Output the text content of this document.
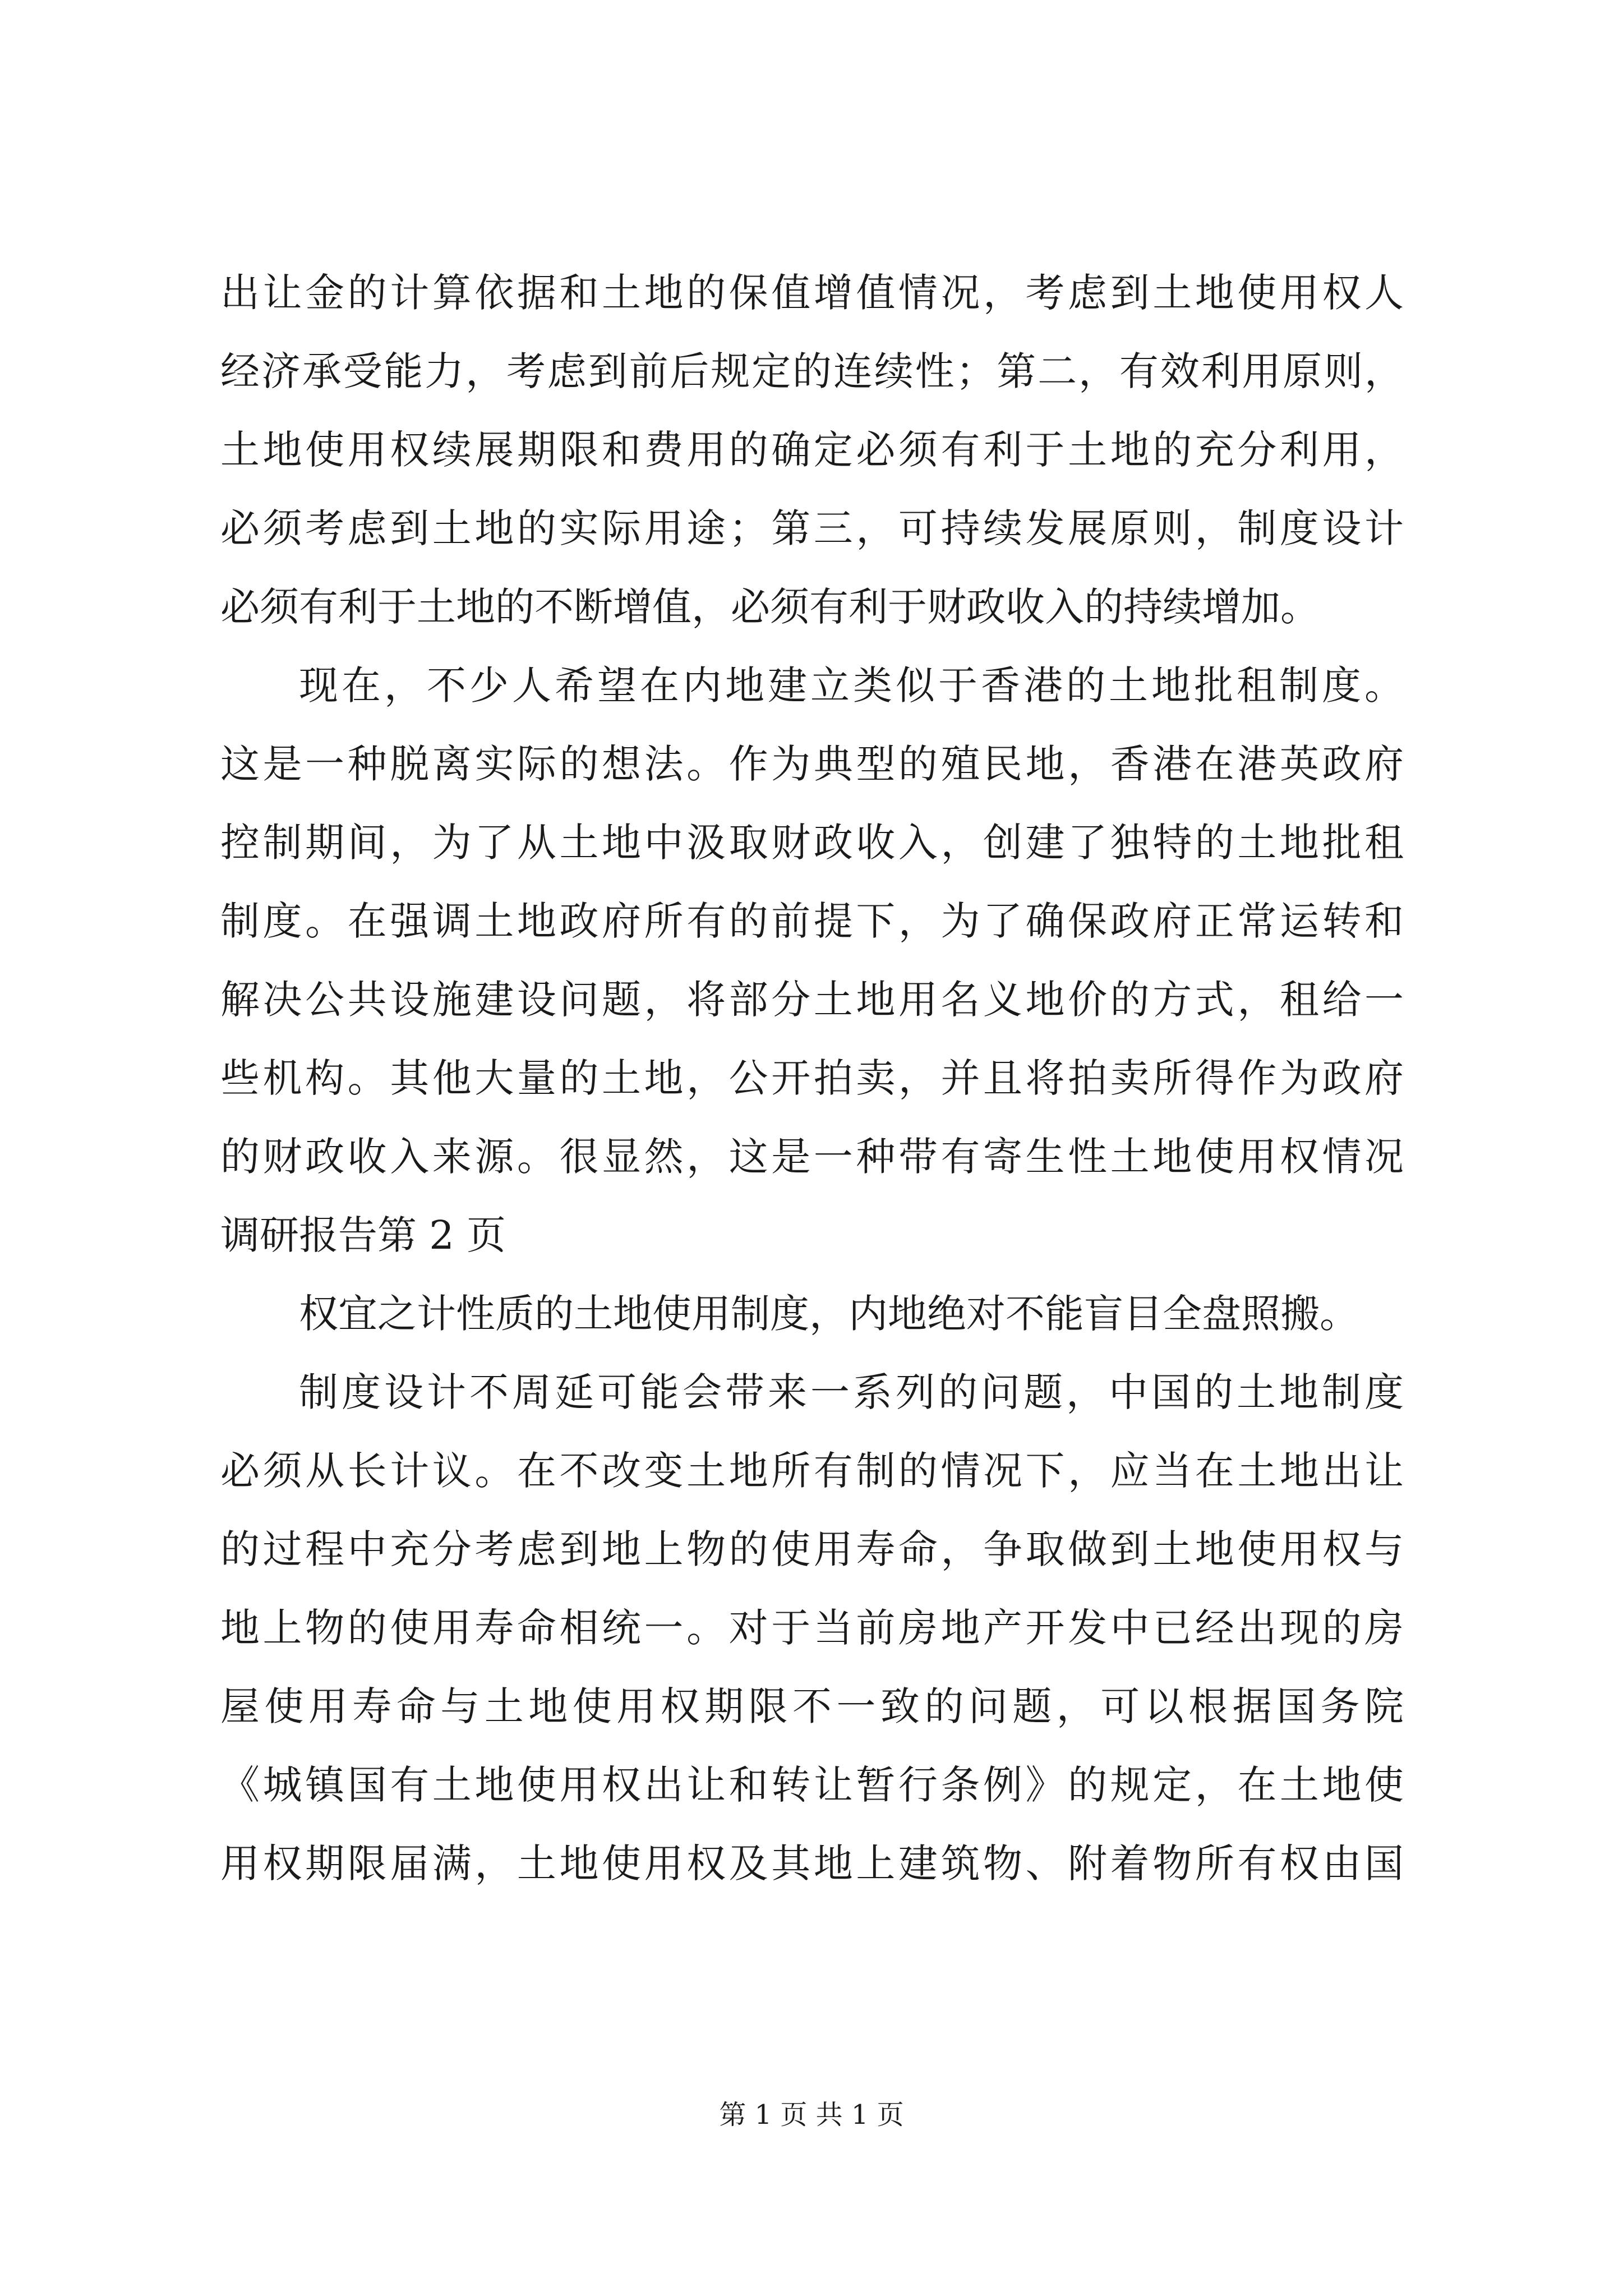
出让金的计算依据和土地的保值增值情况，考虑到土地使用权人
经济承受能力，考虑到前后规定的连续性；第二，有效利用原则，
土地使用权续展期限和费用的确定必须有利于土地的充分利用，
必须考虑到土地的实际用途；第三，可持续发展原则，制度设计
必须有利于土地的不断增值，必须有利于财政收入的持续增加。
现在，不少人希望在内地建立类似于香港的土地批租制度。
这是一种脱离实际的想法。作为典型的殖民地，香港在港英政府
控制期间，为了从土地中汲取财政收入，创建了独特的土地批租
制度。在强调土地政府所有的前提下，为了确保政府正常运转和
解决公共设施建设问题，将部分土地用名义地价的方式，租给一
些机构。其他大量的土地，公开拍卖，并且将拍卖所得作为政府
的财政收入来源。很显然，这是一种带有寄生性土地使用权情况
调研报告第 2 页
权宜之计性质的土地使用制度，内地绝对不能盲目全盘照搬。
制度设计不周延可能会带来一系列的问题，中国的土地制度
必须从长计议。在不改变土地所有制的情况下，应当在土地出让
的过程中充分考虑到地上物的使用寿命，争取做到土地使用权与
地上物的使用寿命相统一。对于当前房地产开发中已经出现的房
屋使用寿命与土地使用权期限不一致的问题，可以根据国务院
《城镇国有土地使用权出让和转让暂行条例》的规定，在土地使
用权期限届满，土地使用权及其地上建筑物、附着物所有权由国
第 1 页 共 1 页
